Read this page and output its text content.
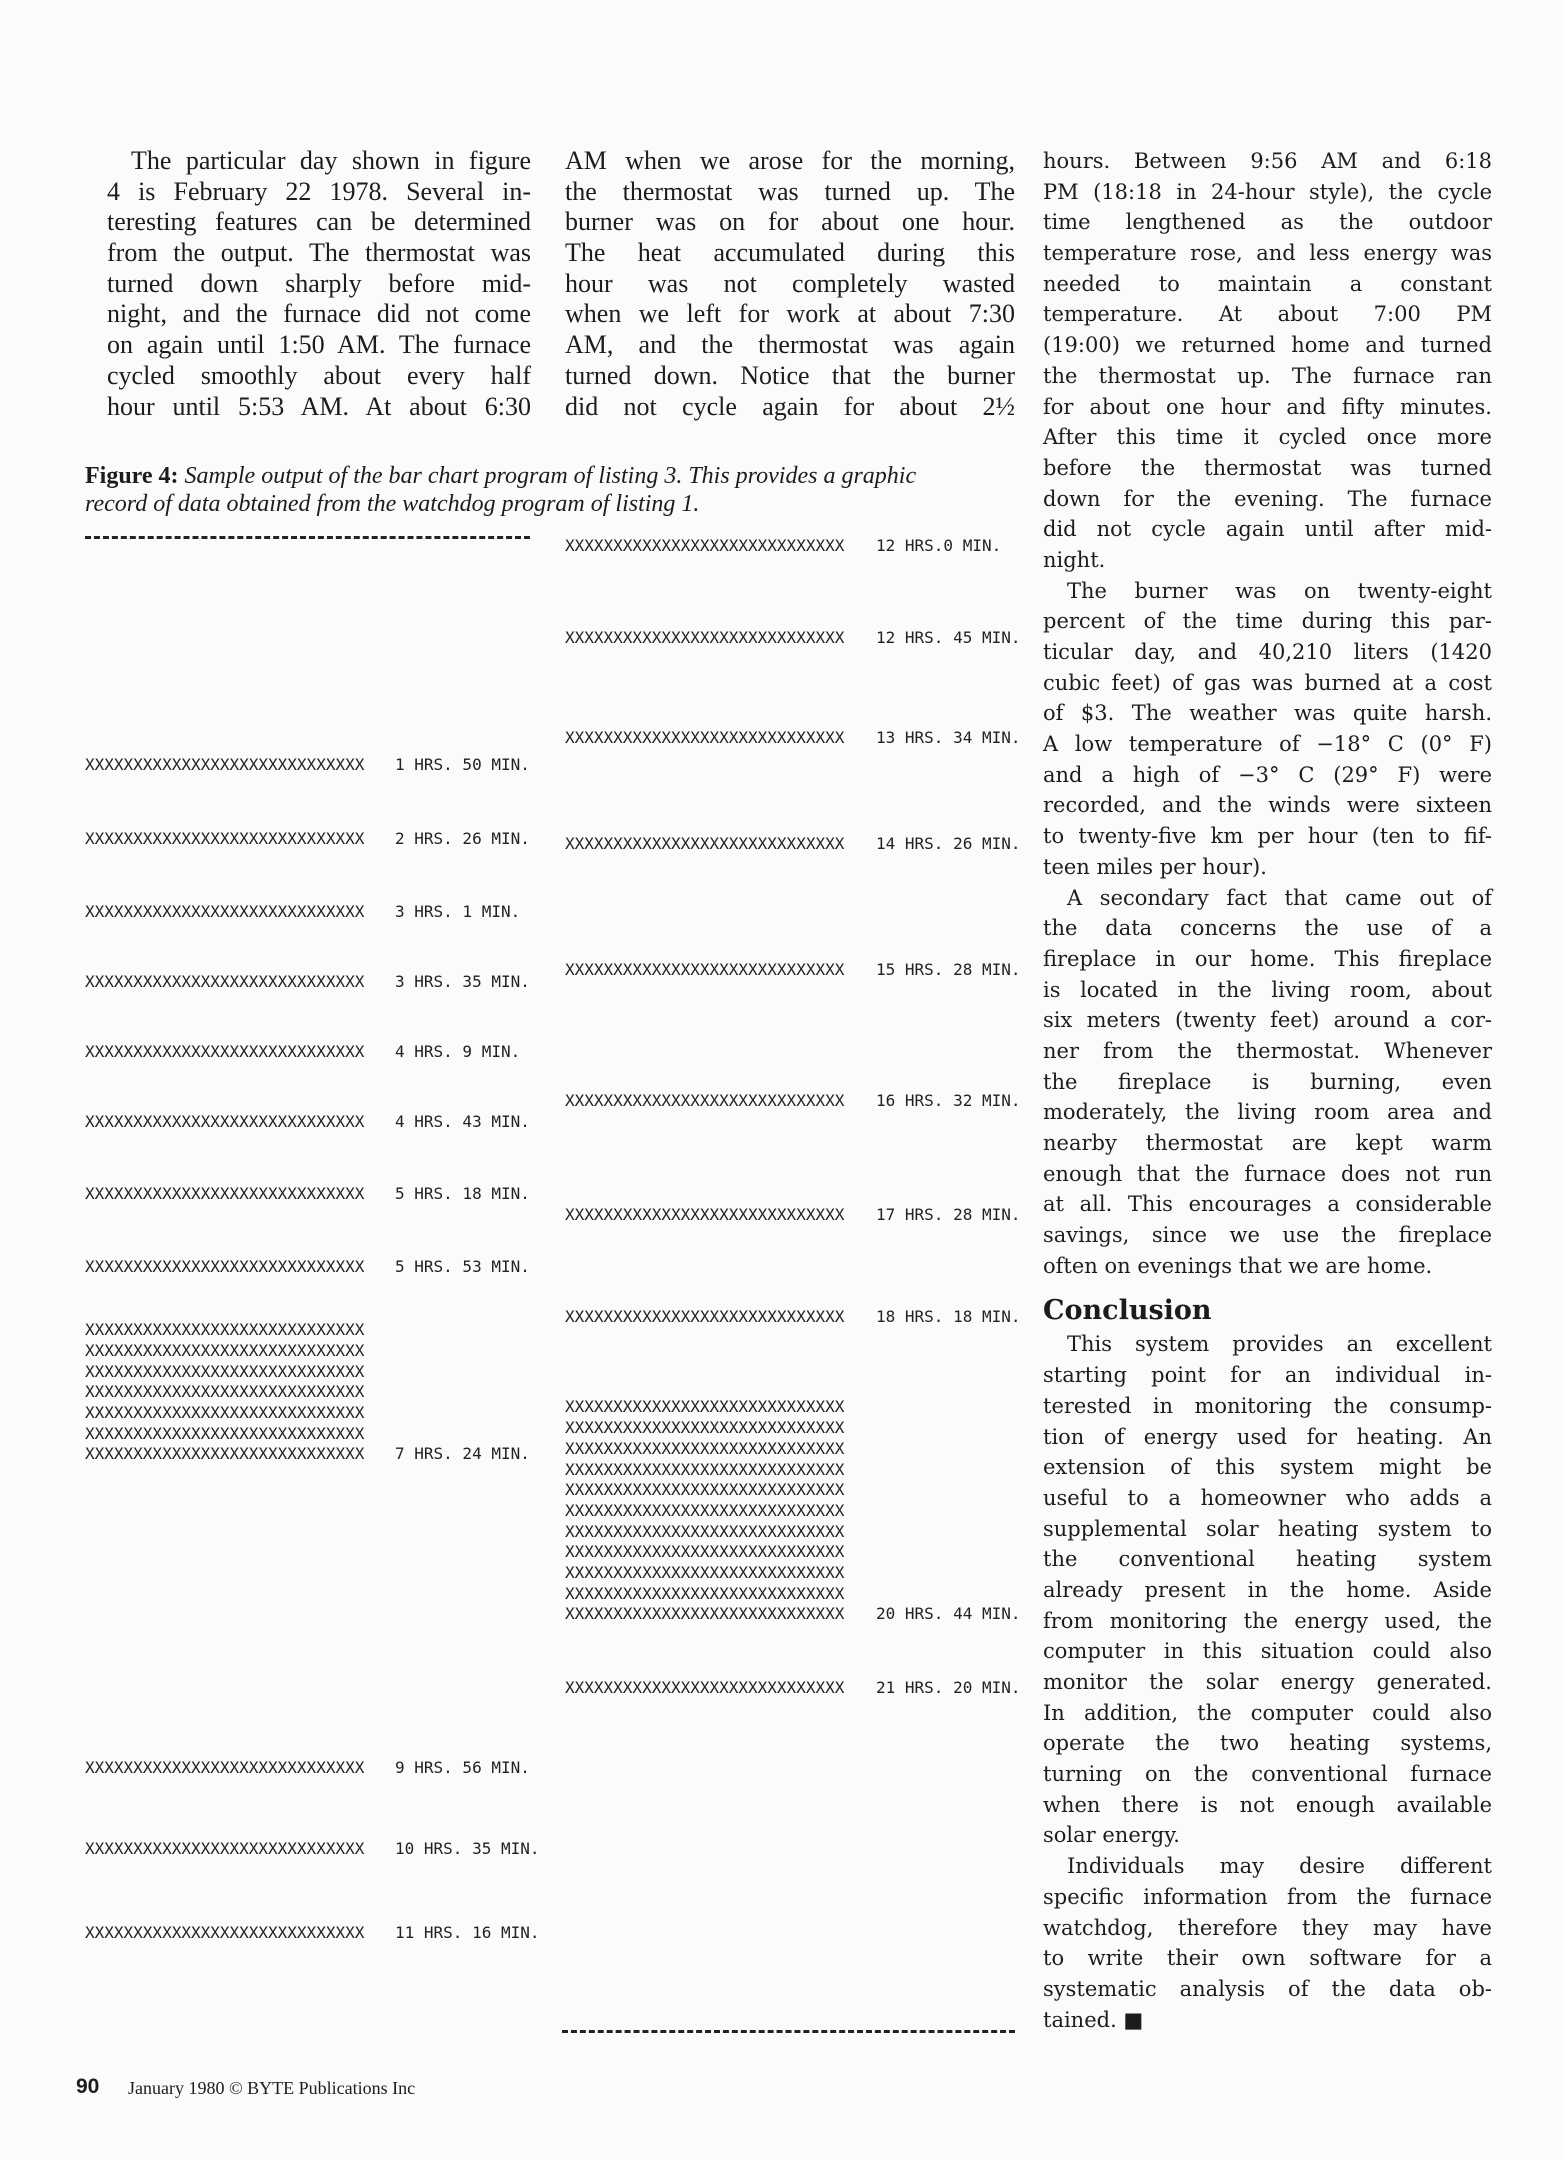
The particular day shown in figure
4 is February 22 1978. Several in-
teresting features can be determined
from the output. The thermostat was
turned down sharply before mid-
night, and the furnace did not come
on again until 1:50 AM. The furnace
cycled smoothly about every half
hour until 5:53 AM. At about 6:30
AM when we arose for the morning,
the thermostat was turned up. The
burner was on for about one hour.
The heat accumulated during this
hour was not completely wasted
when we left for work at about 7:30
AM, and the thermostat was again
turned down. Notice that the burner
did not cycle again for about 2½
hours. Between 9:56 AM and 6:18
PM (18:18 in 24-hour style), the cycle
time lengthened as the outdoor
temperature rose, and less energy was
needed to maintain a constant
temperature. At about 7:00 PM
(19:00) we returned home and turned
the thermostat up. The furnace ran
for about one hour and fifty minutes.
After this time it cycled once more
before the thermostat was turned
down for the evening. The furnace
did not cycle again until after mid-
night.
The burner was on twenty-eight
percent of the time during this par-
ticular day, and 40,210 liters (1420
cubic feet) of gas was burned at a cost
of $3. The weather was quite harsh.
A low temperature of −18° C (0° F)
and a high of −3° C (29° F) were
recorded, and the winds were sixteen
to twenty-five km per hour (ten to fif-
teen miles per hour).
A secondary fact that came out of
the data concerns the use of a
fireplace in our home. This fireplace
is located in the living room, about
six meters (twenty feet) around a cor-
ner from the thermostat. Whenever
the fireplace is burning, even
moderately, the living room area and
nearby thermostat are kept warm
enough that the furnace does not run
at all. This encourages a considerable
savings, since we use the fireplace
often on evenings that we are home.
Conclusion
This system provides an excellent
starting point for an individual in-
terested in monitoring the consump-
tion of energy used for heating. An
extension of this system might be
useful to a homeowner who adds a
supplemental solar heating system to
the conventional heating system
already present in the home. Aside
from monitoring the energy used, the
computer in this situation could also
monitor the solar energy generated.
In addition, the computer could also
operate the two heating systems,
turning on the conventional furnace
when there is not enough available
solar energy.
Individuals may desire different
specific information from the furnace
watchdog, therefore they may have
to write their own software for a
systematic analysis of the data ob-
tained. ■
Figure 4: Sample output of the bar chart program of listing 3. This provides a graphic
record of data obtained from the watchdog program of listing 1.
XXXXXXXXXXXXXXXXXXXXXXXXXXXXX 1 HRS. 50 MIN.
XXXXXXXXXXXXXXXXXXXXXXXXXXXXX 2 HRS. 26 MIN.
XXXXXXXXXXXXXXXXXXXXXXXXXXXXX 3 HRS. 1 MIN.
XXXXXXXXXXXXXXXXXXXXXXXXXXXXX 3 HRS. 35 MIN.
XXXXXXXXXXXXXXXXXXXXXXXXXXXXX 4 HRS. 9 MIN.
XXXXXXXXXXXXXXXXXXXXXXXXXXXXX 4 HRS. 43 MIN.
XXXXXXXXXXXXXXXXXXXXXXXXXXXXX 5 HRS. 18 MIN.
XXXXXXXXXXXXXXXXXXXXXXXXXXXXX 5 HRS. 53 MIN.
XXXXXXXXXXXXXXXXXXXXXXXXXXXXX
XXXXXXXXXXXXXXXXXXXXXXXXXXXXX
XXXXXXXXXXXXXXXXXXXXXXXXXXXXX
XXXXXXXXXXXXXXXXXXXXXXXXXXXXX
XXXXXXXXXXXXXXXXXXXXXXXXXXXXX
XXXXXXXXXXXXXXXXXXXXXXXXXXXXX
XXXXXXXXXXXXXXXXXXXXXXXXXXXXX 7 HRS. 24 MIN.
XXXXXXXXXXXXXXXXXXXXXXXXXXXXX 9 HRS. 56 MIN.
XXXXXXXXXXXXXXXXXXXXXXXXXXXXX 10 HRS. 35 MIN.
XXXXXXXXXXXXXXXXXXXXXXXXXXXXX 11 HRS. 16 MIN.
XXXXXXXXXXXXXXXXXXXXXXXXXXXXX 12 HRS.0 MIN.
XXXXXXXXXXXXXXXXXXXXXXXXXXXXX 12 HRS. 45 MIN.
XXXXXXXXXXXXXXXXXXXXXXXXXXXXX 13 HRS. 34 MIN.
XXXXXXXXXXXXXXXXXXXXXXXXXXXXX 14 HRS. 26 MIN.
XXXXXXXXXXXXXXXXXXXXXXXXXXXXX 15 HRS. 28 MIN.
XXXXXXXXXXXXXXXXXXXXXXXXXXXXX 16 HRS. 32 MIN.
XXXXXXXXXXXXXXXXXXXXXXXXXXXXX 17 HRS. 28 MIN.
XXXXXXXXXXXXXXXXXXXXXXXXXXXXX 18 HRS. 18 MIN.
XXXXXXXXXXXXXXXXXXXXXXXXXXXXX
XXXXXXXXXXXXXXXXXXXXXXXXXXXXX
XXXXXXXXXXXXXXXXXXXXXXXXXXXXX
XXXXXXXXXXXXXXXXXXXXXXXXXXXXX
XXXXXXXXXXXXXXXXXXXXXXXXXXXXX
XXXXXXXXXXXXXXXXXXXXXXXXXXXXX
XXXXXXXXXXXXXXXXXXXXXXXXXXXXX
XXXXXXXXXXXXXXXXXXXXXXXXXXXXX
XXXXXXXXXXXXXXXXXXXXXXXXXXXXX
XXXXXXXXXXXXXXXXXXXXXXXXXXXXX
XXXXXXXXXXXXXXXXXXXXXXXXXXXXX 20 HRS. 44 MIN.
XXXXXXXXXXXXXXXXXXXXXXXXXXXXX 21 HRS. 20 MIN.
90 January 1980 © BYTE Publications Inc
